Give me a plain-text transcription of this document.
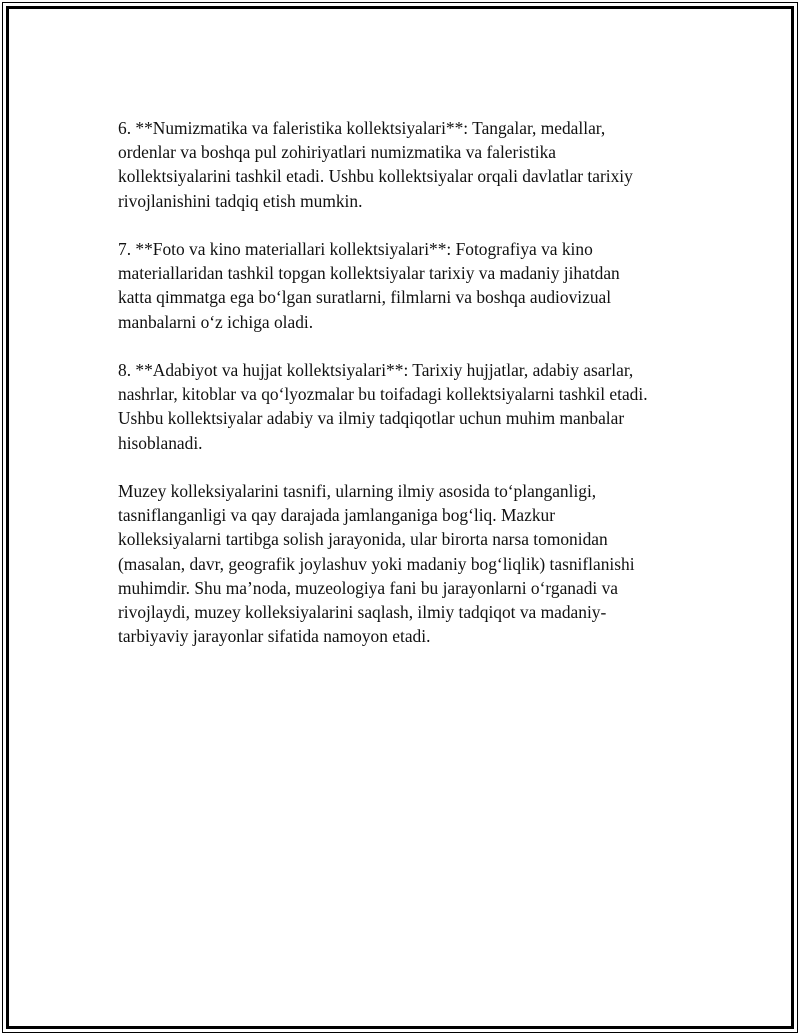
6. **Numizmatika va faleristika kollektsiyalari**: Tangalar, medallar,
ordenlar va boshqa pul zohiriyatlari numizmatika va faleristika
kollektsiyalarini tashkil etadi. Ushbu kollektsiyalar orqali davlatlar tarixiy
rivojlanishini tadqiq etish mumkin.

7. **Foto va kino materiallari kollektsiyalari**: Fotografiya va kino
materiallaridan tashkil topgan kollektsiyalar tarixiy va madaniy jihatdan
katta qimmatga ega bo‘lgan suratlarni, filmlarni va boshqa audiovizual
manbalarni o‘z ichiga oladi.

8. **Adabiyot va hujjat kollektsiyalari**: Tarixiy hujjatlar, adabiy asarlar,
nashrlar, kitoblar va qo‘lyozmalar bu toifadagi kollektsiyalarni tashkil etadi.
Ushbu kollektsiyalar adabiy va ilmiy tadqiqotlar uchun muhim manbalar
hisoblanadi.

Muzey kolleksiyalarini tasnifi, ularning ilmiy asosida to‘planganligi,
tasniflanganligi va qay darajada jamlanganiga bog‘liq. Mazkur
kolleksiyalarni tartibga solish jarayonida, ular birorta narsa tomonidan
(masalan, davr, geografik joylashuv yoki madaniy bog‘liqlik) tasniflanishi
muhimdir. Shu ma’noda, muzeologiya fani bu jarayonlarni o‘rganadi va
rivojlaydi, muzey kolleksiyalarini saqlash, ilmiy tadqiqot va madaniy-
tarbiyaviy jarayonlar sifatida namoyon etadi.
